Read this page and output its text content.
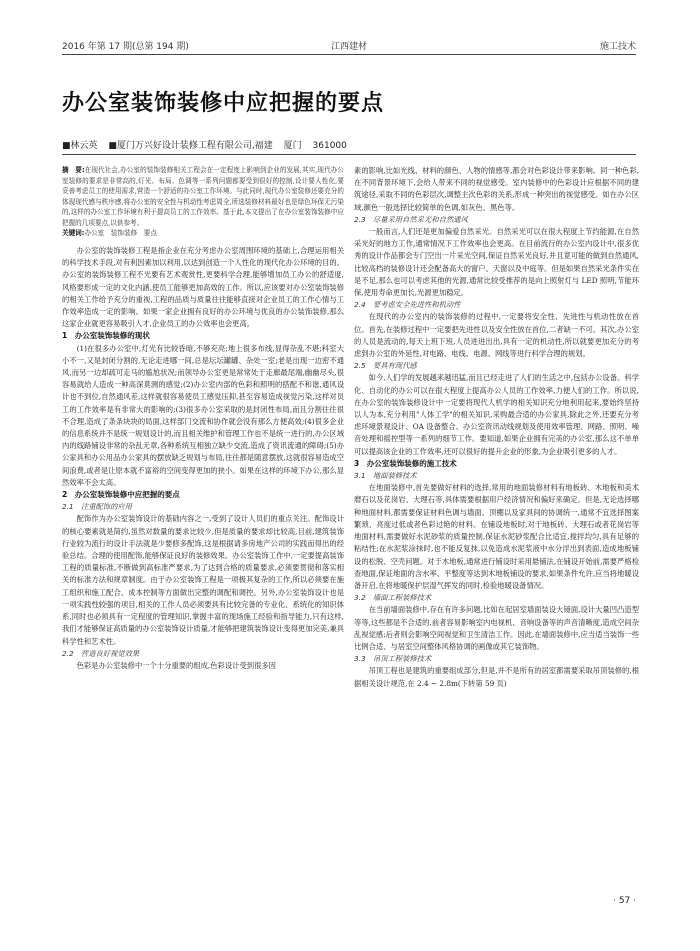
2016 年第 17 期(总第 194 期)	江西建材	施工技术
办公室装饰装修中应把握的要点
■林云英 ■厦门万兴好设计装修工程有限公司,福建 厦门 361000
摘　要:在现代社会,办公室的装饰装修相关工程会在一定程度上影响到企业的发展,其实,现代办公室装修的要求是非常高的,灯光、布局、色调等一系列问题都要受到很好的控制,设计要人性化,要妥善考虑员工的使用需求,营造一个舒适的办公室工作环境。与此同时,现代办公室装修还要充分的体现现代感与秩序感,将办公室的安全性与机动性考虑周全,所选装修材料最好也是绿色环保无污染的,这样的办公室工作环境有利于提高员工的工作效率。基于此,本文提出了在办公室装饰装修中应把握的几项要点,以供参考。
关键词:办公室　装饰装修　要点

办公室的装饰装修工程是指企业在充分考虑办公室周围环境的基础上,合理运用相关的科学技术手段,对有利因素加以利用,以达到创造一个人性化的现代化办公环境的目的。办公室的装饰装修工程不光要有艺术观赏性,更要科学合理,能够增加员工办公的舒适度,风格要形成一定的文化内涵,使员工能够更加高效的工作。所以,应该要对办公室装饰装修的相关工作给予充分的重视,工程的品质与质量往往能够直接对企业员工的工作心情与工作效率造成一定的影响。如果一家企业拥有良好的办公环境与优良的办公装饰装修,那么这家企业就更容易吸引人才,企业员工的办公效率也会更高。

1　办公室装饰装修的现状

(1)在很多办公室中,灯光有比较昏暗,不够充亮;地上很多布线,显得杂乱不堪;科室大小不一,又是封闭分割的,无论走进哪一间,总是坛坛罐罐、杂处一室;老是出现一边密不通风,而另一边却疏可走马的尴尬状况;而领导办公室更是常常处于走廊最尾端,幽幽尽头,很容易就给人造成一种高深莫测的感觉;(2)办公室内部的色彩和照明的搭配不和谐,通风设计也不到位,自然通风差,这样就很容易使员工感觉压抑,甚至容易造成视觉污染,这样对员工的工作效率是有非常大的影响的;(3)很多办公室采取的是封闭性布局,而且分割往往很不合理,造成了条条块块的局面,这样部门交流和协作就会没有那么方便高效;(4)很多企业的信息系统并不是统一规划设计的,而且相关维护和管理工作也不是统一进行的,办公区域内的线路铺设非常的杂乱无章,各种系统互相独立缺少交流,造成了资讯流通的障碍;(5)办公家具和办公用品办公家具的摆放缺乏规划与布局,往往都是随意摆放,这就很容易造成空间浪费,或者是让原本就不富裕的空间变得更加的狭小。如果在这样的环境下办公,那么显然效率不会太高。

2　办公室装饰装修中应把握的要点
2.1　注重配饰的应用

配饰作为办公室装饰设计的基础内容之一,受到了设计人员们的重点关注。配饰设计的核心要素就是简约,虽然对数量的要求比较少,但是质量的要求却比较高,目前,建筑装饰行业较为流行的设计手法就是少要修多配饰,这是根据请多房地产公司的实践而得出的经验总结。合理的使用配饰,能够保证良好的装修效果。办公室装饰工作中,一定要提高装饰工程的质量标准,不断做到高标准严要求,为了达到合格的质量要求,必须要贯彻和落实相关的标准方法和规章制度。由于办公室装饰工程是一项极其复杂的工作,所以必须要在施工组织和施工配合、成本控制等方面做出完整的调配和调控。另外,办公室装饰设计也是一项实践性较强的项目,相关的工作人员必须要具有比较完备的专业化、系统化的知识体系,同时也必须具有一定程度的管理知识,掌握丰富的现场施工经验和指导能力,只有这样,我们才能够保证高质量的办公室装饰设计质量,才能够把建筑装饰设计变得更加完美,兼具科学性和艺术性。

2.2　营造良好视觉效果

色彩是办公室装修中一个十分重要的组成,色彩设计受到很多因

素的影响,比如光线、材料的颜色、人物的情感等,都会对色彩设计带来影响。同一种色彩,在不同背景环境下,会给人带来不同的视觉感受。室内装修中的色彩设计应根据不同的建筑途径,采取不同的色彩层次,调整主次色彩的关系,形成一种突出的视觉感受。如在办公区域,颜色一般选择比较简单的色调,如灰色、黑色等。

2.3　尽量采用自然采光和自然通风

一般而言,人们还是更加偏爱自然采光。自然采光可以在很大程度上节约能源,在自然采光好的地方工作,通常情况下工作效率也会更高。在目前流行的办公室内设计中,很多优秀的设计作品都会专门空出一片采光空间,保证自然采光良好,并且竟可能的做到自然通风,比较高档的装修设计还会配备高大的窗户、天窗以及中庭等。但是如果自然采光条件实在是不足,那么也可以考虑其他的光源,通常比较受推荐的是向上照射灯与 LED 照明,节能环保,使用寿命更加长,光源更加稳定。

2.4　要考虑安全先进性和机动性

在现代的办公室内的装饰装修的过程中,一定要将安全性、先进性与机动性放在首位。首先,在装修过程中一定要把先进性以及安全性放在首位,二者缺一不可。其次,办公室的人员是流动的,每天上班下班,人员进进出出,具有一定的机动性,所以就要更加充分的考虑到办公室的外延性,对电路、电线、电源、网线等进行科学合理的规划。

2.5　要具有现代感

如今,人们学的发展越来越迅猛,而且已经走进了人们的生活之中,包括办公设备。科学化、自动化的办公可以在很大程度上提高办公人员的工作效率,力便人们的工作。所以说,在办公室的装饰装修设计中一定要将现代人机学的相关知识充分地利用起来,要始终坚持以人为本,充分利用"人体工学"的相关知识,采购最合适的办公家具,除此之外,还要充分考虑环境景观设计、OA 设备整合、办公室资讯动线规划及使用效率管理、网路、照明、噪音处理和摇控型等一系列的细节工作。要知道,如果企业拥有完美的办公室,那么这不单单可以提高该企业的工作效率,还可以很好的提升企业的形象,为企业吸引更多的人才。

3　办公室装饰装修的施工技术
3.1　地面装修技术

在地面装修中,首先要做好材料的选择,常用的地面装修材料有地板砖、木地板和美术磨石以及花岗岩、大理石等,具体需要根据用户经济情况和偏好来确定。但是,无论选择哪种地面材料,都需要保证材料色调与墙面、顶棚以及家具间的协调统一,通常不宜选择图案繁琐、亮度过低或者色彩过艳的材料。在铺设地板时,对于地板砖、大理石或者花岗岩等地面材料,需要做好水泥砂浆的质量控制,保证水泥砂浆配合比适宜,搅拌均匀,具有足够的粘结性;在水泥浆涂抹时,也不能反复抹,以免造成水泥浆液中水分浮出到表面,造成地板铺设的松脱、空壳问题。对于木地板,通常进行铺设时采用悬铺法,在铺设开始前,需要严格检查地面,保证地面的含水率、平整度等达到木地板铺设的要求,如果条件允许,应当将地暖设备开启,在将地暖保护层湿气挥发的同时,检验地暖设备情况。

3.2　墙面工程装修技术

在当前墙面装修中,存在有许多问题,比如在起居室墙面装设大镜面,设计大量凹凸造型等等,这些都是不合适的,前者容易影响室内电视机、音响设备等的声音清晰度,造成空间杂乱视觉感;后者则会影响空间视觉和卫生清洁工作。因此,在墙面装修中,应当适当装饰一些比例合适、与居室空间整体风格协调的画像或其它装饰物。

3.3　吊顶工程装修技术

吊顶工程也是建筑的重要组成部分,但是,并不是所有的居室都需要采取吊顶装修的,根据相关设计规范,在 2.4 ~ 2.8m(下转第 59 页)

· 57 ·
